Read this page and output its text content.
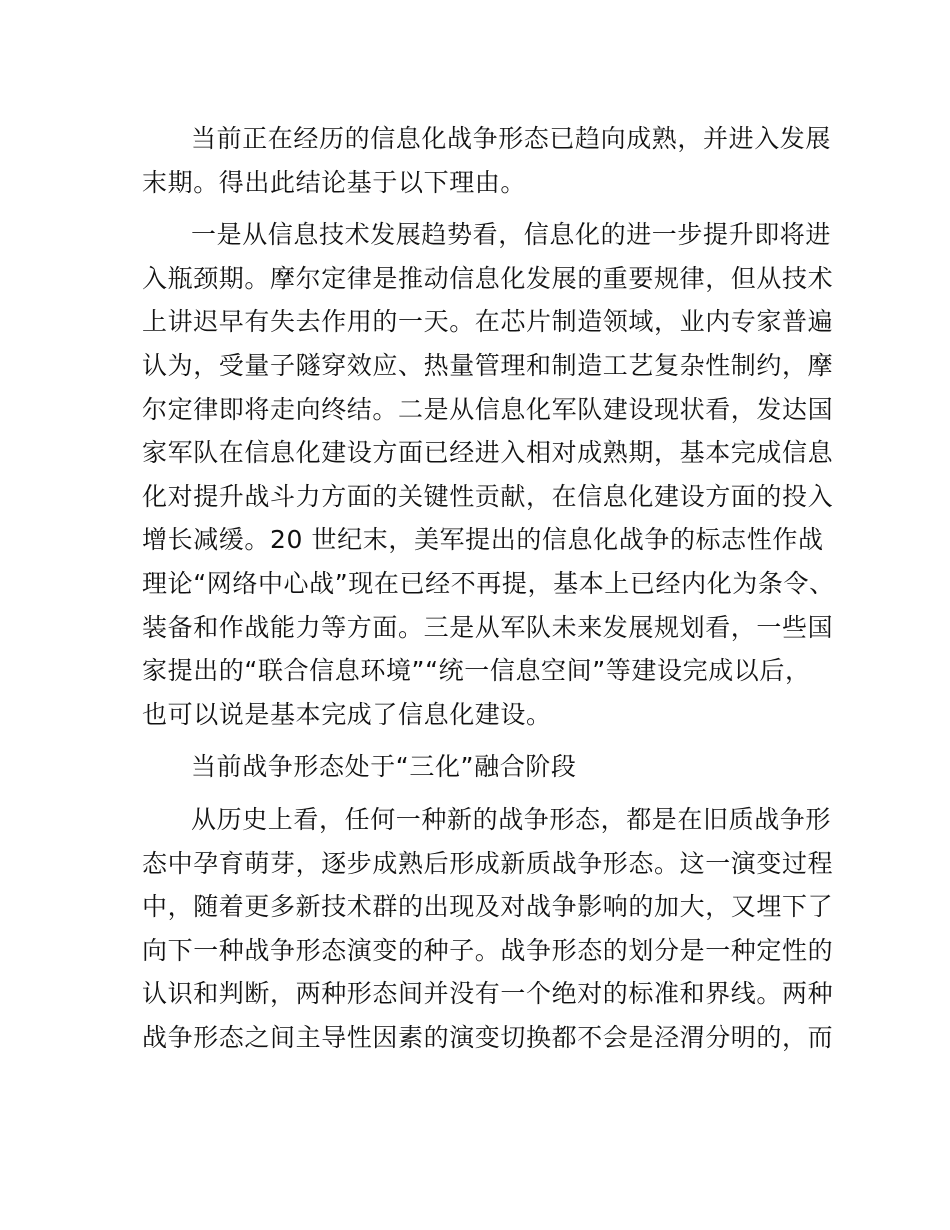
当前正在经历的信息化战争形态已趋向成熟，并进入发展
末期。得出此结论基于以下理由。
一是从信息技术发展趋势看，信息化的进一步提升即将进
入瓶颈期。摩尔定律是推动信息化发展的重要规律，但从技术
上讲迟早有失去作用的一天。在芯片制造领域，业内专家普遍
认为，受量子隧穿效应、热量管理和制造工艺复杂性制约，摩
尔定律即将走向终结。二是从信息化军队建设现状看，发达国
家军队在信息化建设方面已经进入相对成熟期，基本完成信息
化对提升战斗力方面的关键性贡献，在信息化建设方面的投入
增长减缓。20 世纪末，美军提出的信息化战争的标志性作战
理论“网络中心战”现在已经不再提，基本上已经内化为条令、
装备和作战能力等方面。三是从军队未来发展规划看，一些国
家提出的“联合信息环境”“统一信息空间”等建设完成以后，
也可以说是基本完成了信息化建设。
当前战争形态处于“三化”融合阶段
从历史上看，任何一种新的战争形态，都是在旧质战争形
态中孕育萌芽，逐步成熟后形成新质战争形态。这一演变过程
中，随着更多新技术群的出现及对战争影响的加大，又埋下了
向下一种战争形态演变的种子。战争形态的划分是一种定性的
认识和判断，两种形态间并没有一个绝对的标准和界线。两种
战争形态之间主导性因素的演变切换都不会是泾渭分明的，而
